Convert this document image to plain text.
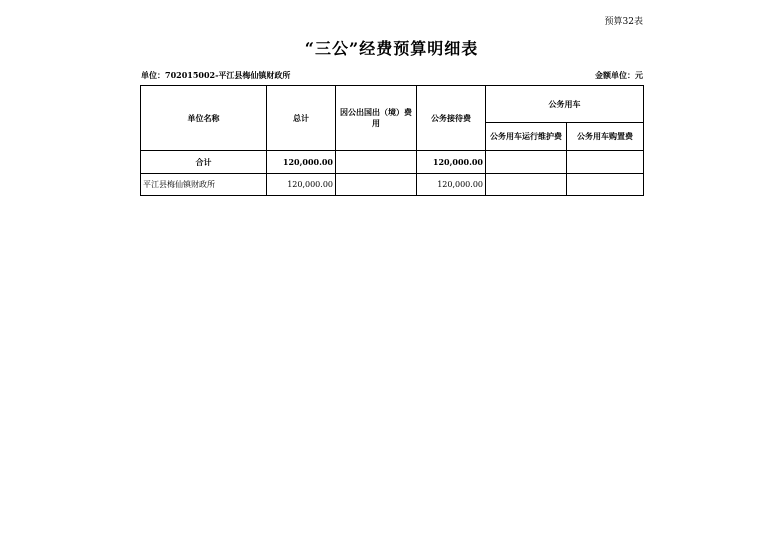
预算32表
“三公”经费预算明细表
单位：702015002-平江县梅仙镇财政所	金额单位：元
单位名称	总计	因公出国出（境）费用	公务接待费	公务用车	
				公务用车运行维护费	公务用车购置费
合计	120,000.00		120,000.00		
平江县梅仙镇财政所	120,000.00		120,000.00		
